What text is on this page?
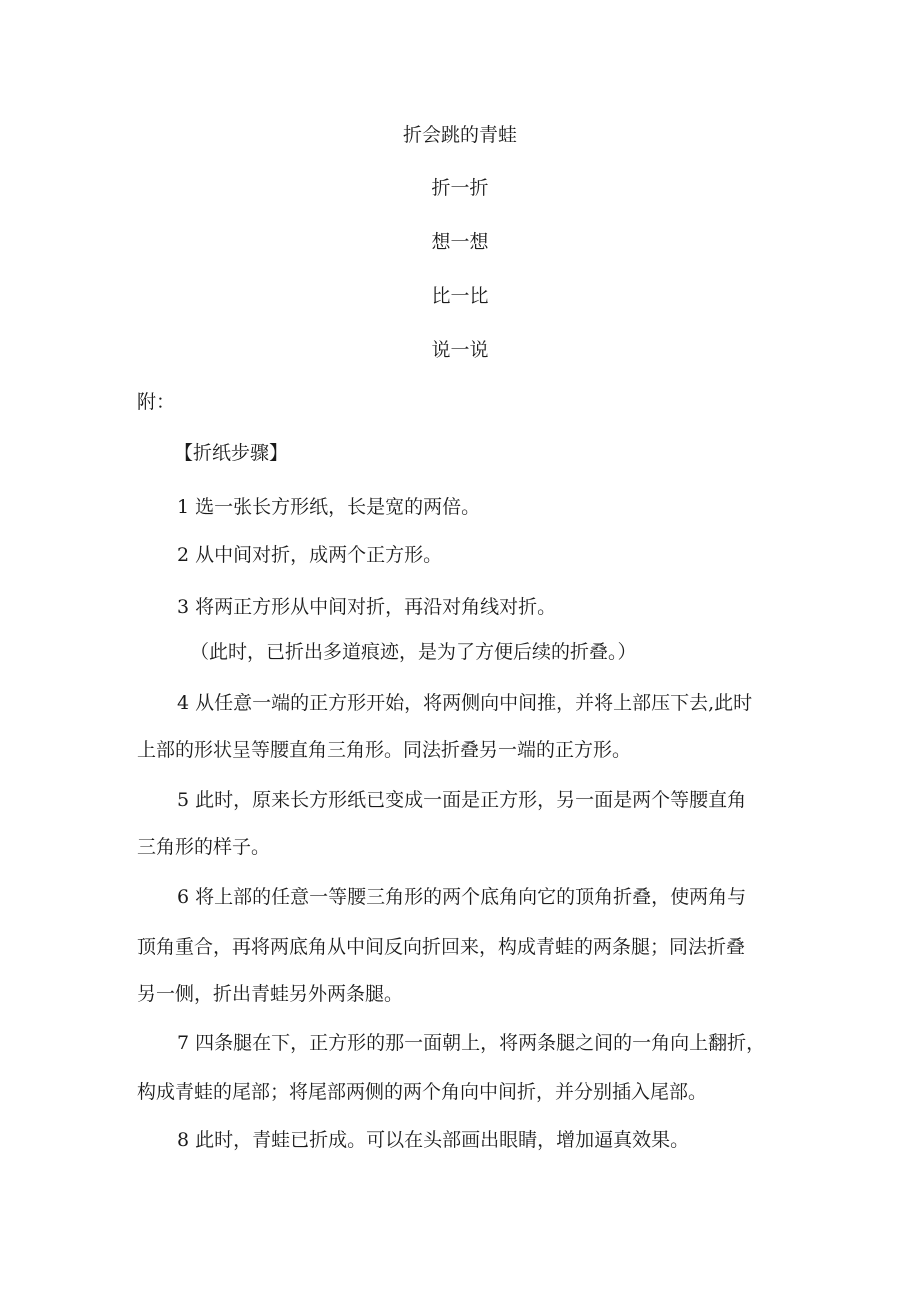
折会跳的青蛙
折一折
想一想
比一比
说一说
附：
【折纸步骤】
1 选一张长方形纸，长是宽的两倍。
2 从中间对折，成两个正方形。
3 将两正方形从中间对折，再沿对角线对折。
（此时，已折出多道痕迹，是为了方便后续的折叠。）
4 从任意一端的正方形开始，将两侧向中间推，并将上部压下去,此时
上部的形状呈等腰直角三角形。同法折叠另一端的正方形。
5 此时，原来长方形纸已变成一面是正方形，另一面是两个等腰直角
三角形的样子。
6 将上部的任意一等腰三角形的两个底角向它的顶角折叠，使两角与
顶角重合，再将两底角从中间反向折回来，构成青蛙的两条腿；同法折叠
另一侧，折出青蛙另外两条腿。
7 四条腿在下，正方形的那一面朝上，将两条腿之间的一角向上翻折，
构成青蛙的尾部；将尾部两侧的两个角向中间折，并分别插入尾部。
8 此时，青蛙已折成。可以在头部画出眼睛，增加逼真效果。
